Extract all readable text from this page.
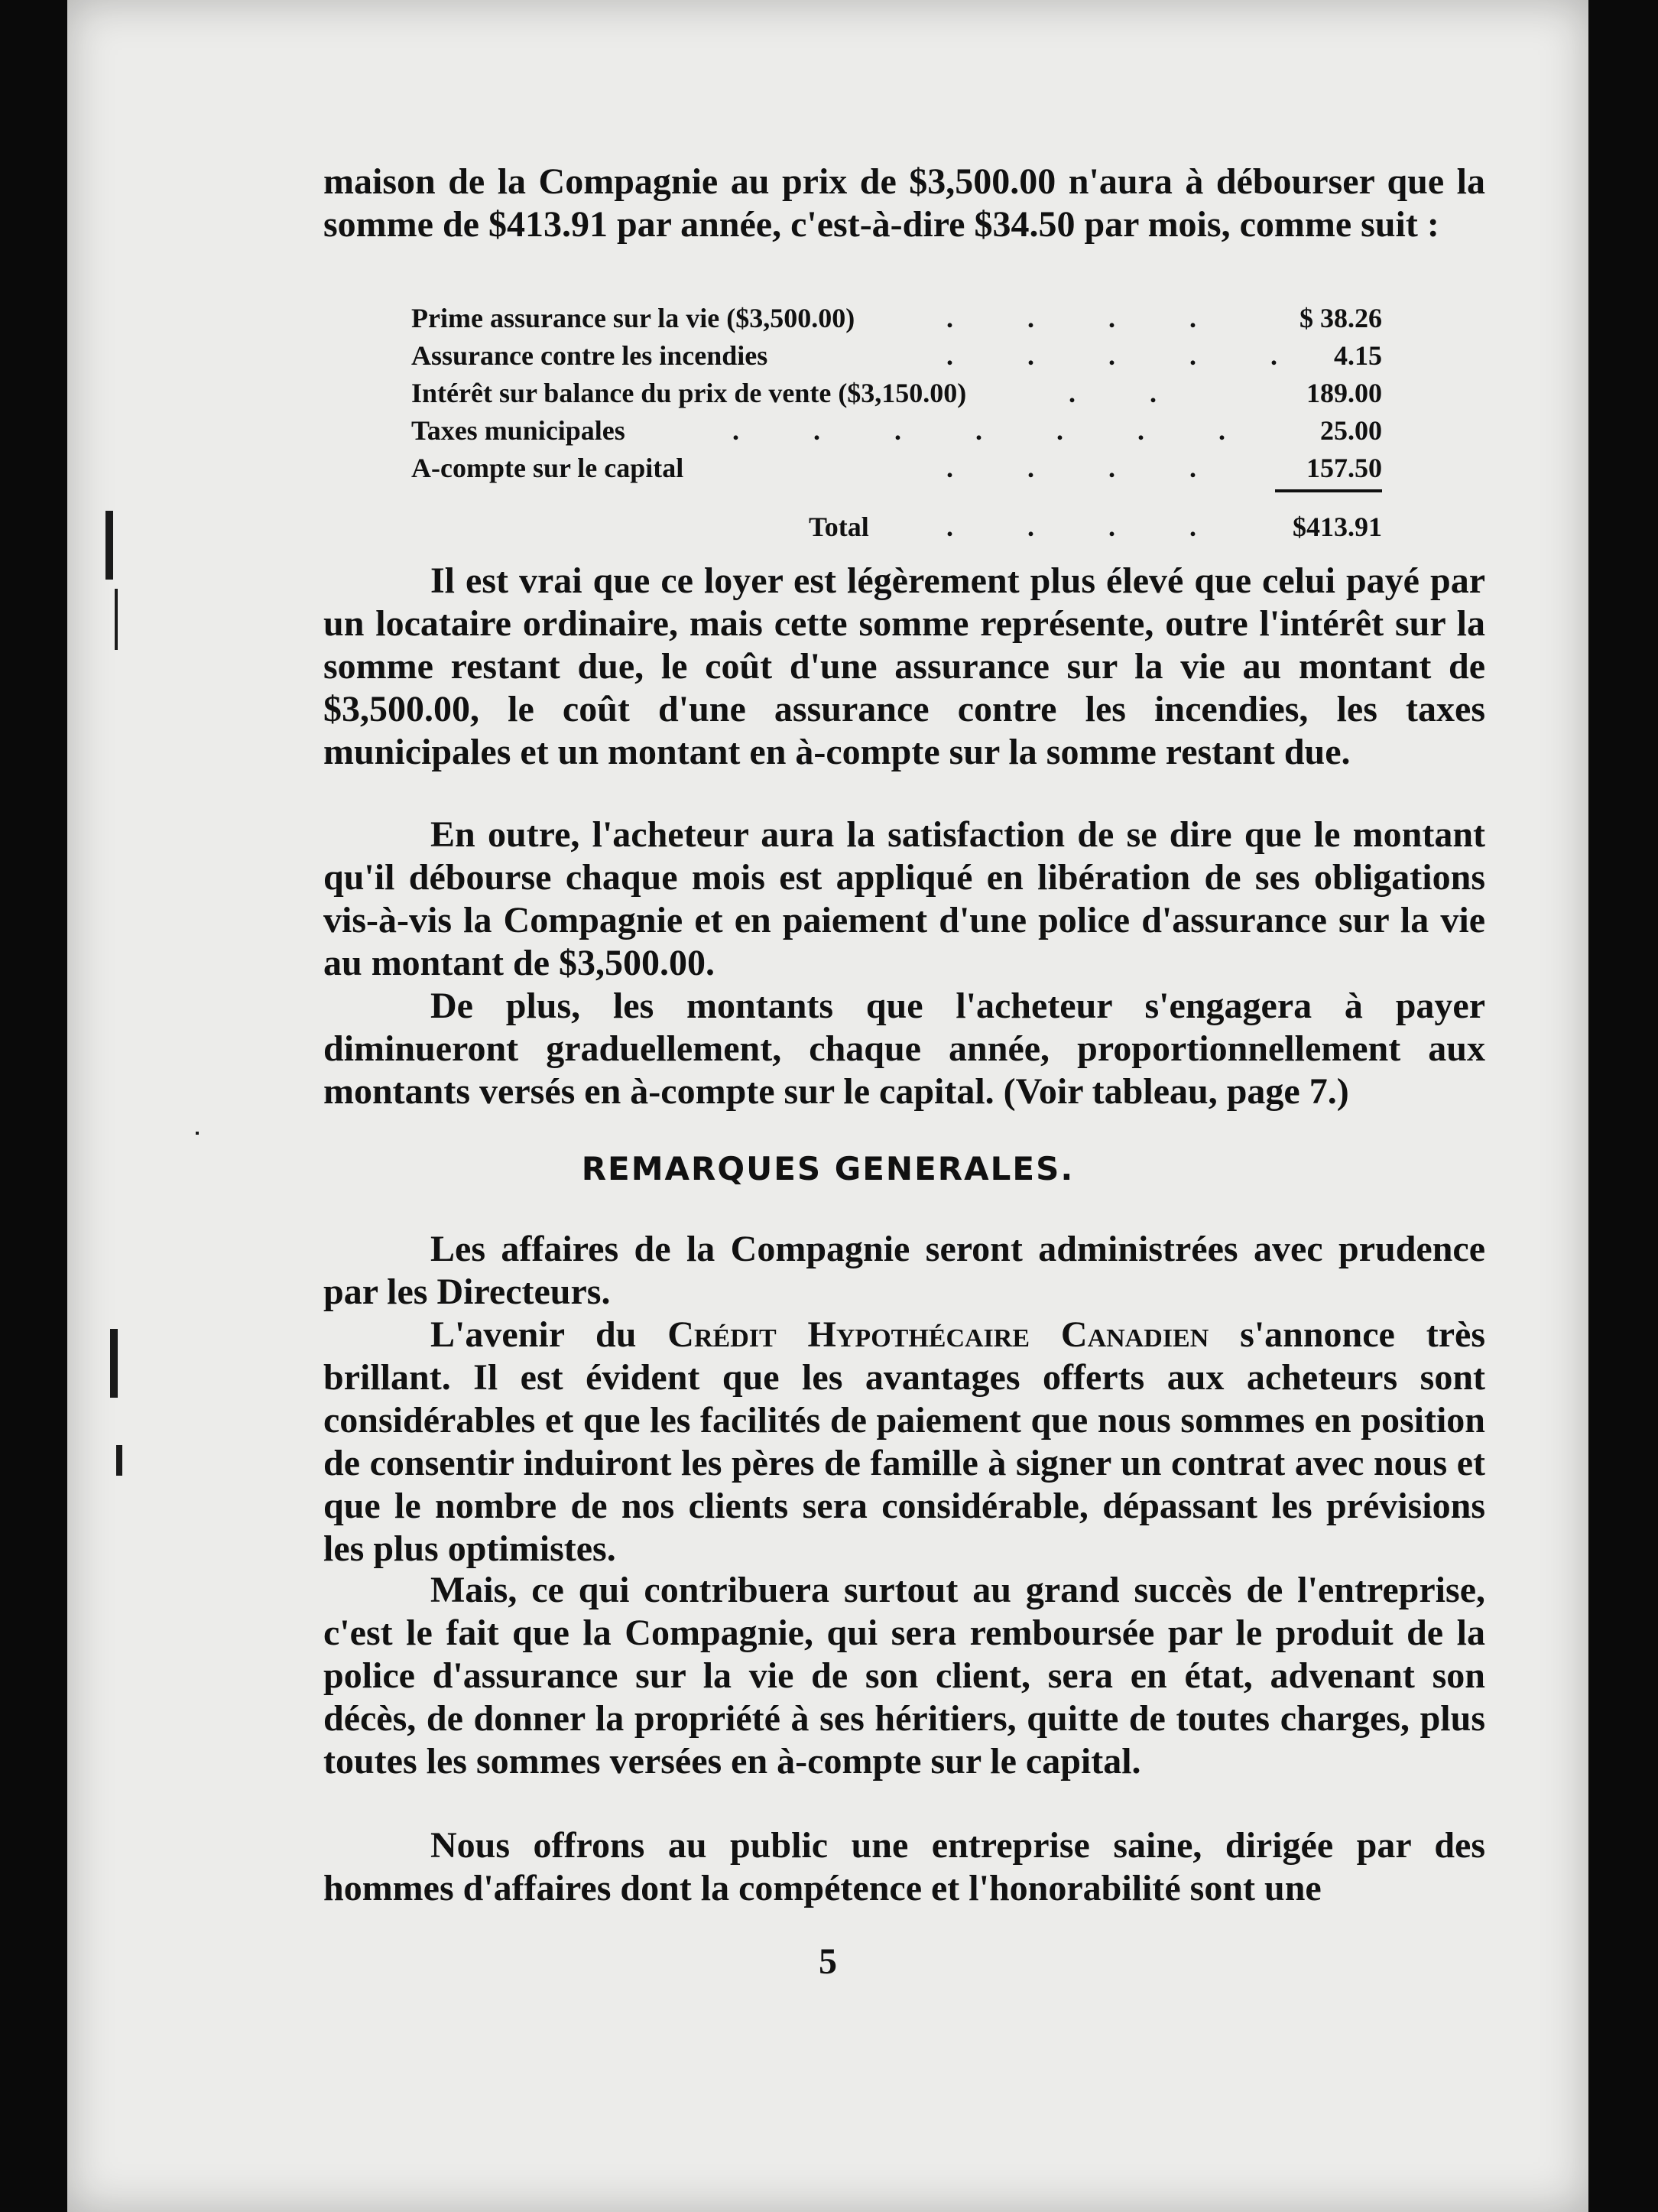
maison de la Compagnie au prix de $3,500.00 n'aura à débourser que la somme de $413.91 par année, c'est-à-dire $34.50 par mois, comme suit :
Prime assurance sur la vie ($3,500.00)	. . . .	$ 38.26
Assurance contre les incendies	. . . . . 4.15
Intérêt sur balance du prix de vente ($3,150.00)	. .	189.00
Taxes municipales	. . . . . . . 25.00
A-compte sur le capital	. . . .	157.50
Total	. . . . $413.91
Il est vrai que ce loyer est légèrement plus élevé que celui payé par un locataire ordinaire, mais cette somme représente, outre l'intérêt sur la somme restant due, le coût d'une assurance sur la vie au montant de $3,500.00, le coût d'une assurance contre les incendies, les taxes municipales et un montant en à-compte sur la somme restant due.
En outre, l'acheteur aura la satisfaction de se dire que le montant qu'il débourse chaque mois est appliqué en libération de ses obligations vis-à-vis la Compagnie et en paiement d'une police d'assurance sur la vie au montant de $3,500.00.
De plus, les montants que l'acheteur s'engagera à payer diminueront graduellement, chaque année, proportionnellement aux montants versés en à-compte sur le capital. (Voir tableau, page 7.)
REMARQUES GENERALES.
Les affaires de la Compagnie seront administrées avec prudence par les Directeurs.
L'avenir du Crédit Hypothécaire Canadien s'annonce très brillant. Il est évident que les avantages offerts aux acheteurs sont considérables et que les facilités de paiement que nous sommes en position de consentir induiront les pères de famille à signer un contrat avec nous et que le nombre de nos clients sera considérable, dépassant les prévisions les plus optimistes.
Mais, ce qui contribuera surtout au grand succès de l'entreprise, c'est le fait que la Compagnie, qui sera remboursée par le produit de la police d'assurance sur la vie de son client, sera en état, advenant son décès, de donner la propriété à ses héritiers, quitte de toutes charges, plus toutes les sommes versées en à-compte sur le capital.
Nous offrons au public une entreprise saine, dirigée par des hommes d'affaires dont la compétence et l'honorabilité sont une
5
